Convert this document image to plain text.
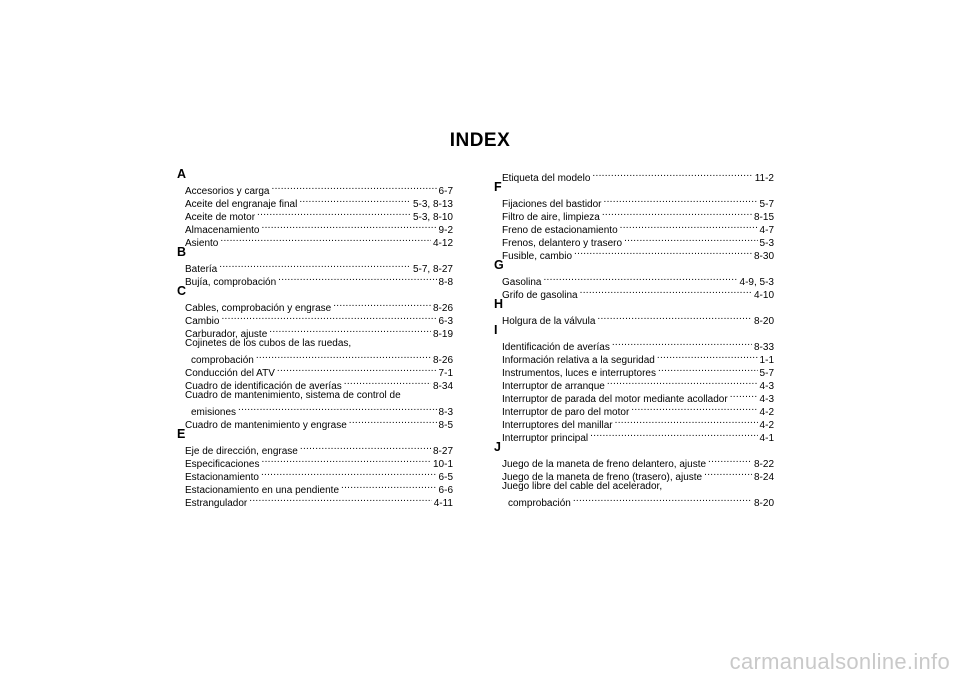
INDEX
A
Accesorios y carga .....	6-7
Aceite del engranaje final .....	5-3, 8-13
Aceite de motor .....	5-3, 8-10
Almacenamiento .....	9-2
Asiento .....	4-12
B
Batería .....	5-7, 8-27
Bujía, comprobación .....	8-8
C
Cables, comprobación y engrase .....	8-26
Cambio .....	6-3
Carburador, ajuste .....	8-19
Cojinetes de los cubos de las ruedas,
comprobación .....	8-26
Conducción del ATV .....	7-1
Cuadro de identificación de averías .....	8-34
Cuadro de mantenimiento, sistema de control de
emisiones .....	8-3
Cuadro de mantenimiento y engrase .....	8-5
E
Eje de dirección, engrase .....	8-27
Especificaciones .....	10-1
Estacionamiento .....	6-5
Estacionamiento en una pendiente .....	6-6
Estrangulador .....	4-11
Etiqueta del modelo .....	11-2
F
Fijaciones del bastidor .....	5-7
Filtro de aire, limpieza .....	8-15
Freno de estacionamiento .....	4-7
Frenos, delantero y trasero .....	5-3
Fusible, cambio .....	8-30
G
Gasolina .....	4-9, 5-3
Grifo de gasolina .....	4-10
H
Holgura de la válvula .....	8-20
I
Identificación de averías .....	8-33
Información relativa a la seguridad .....	1-1
Instrumentos, luces e interruptores .....	5-7
Interruptor de arranque .....	4-3
Interruptor de parada del motor mediante acollador .....	4-3
Interruptor de paro del motor .....	4-2
Interruptores del manillar .....	4-2
Interruptor principal .....	4-1
J
Juego de la maneta de freno delantero, ajuste .....	8-22
Juego de la maneta de freno (trasero), ajuste .....	8-24
Juego libre del cable del acelerador,
comprobación .....	8-20
carmanualsonline.info
